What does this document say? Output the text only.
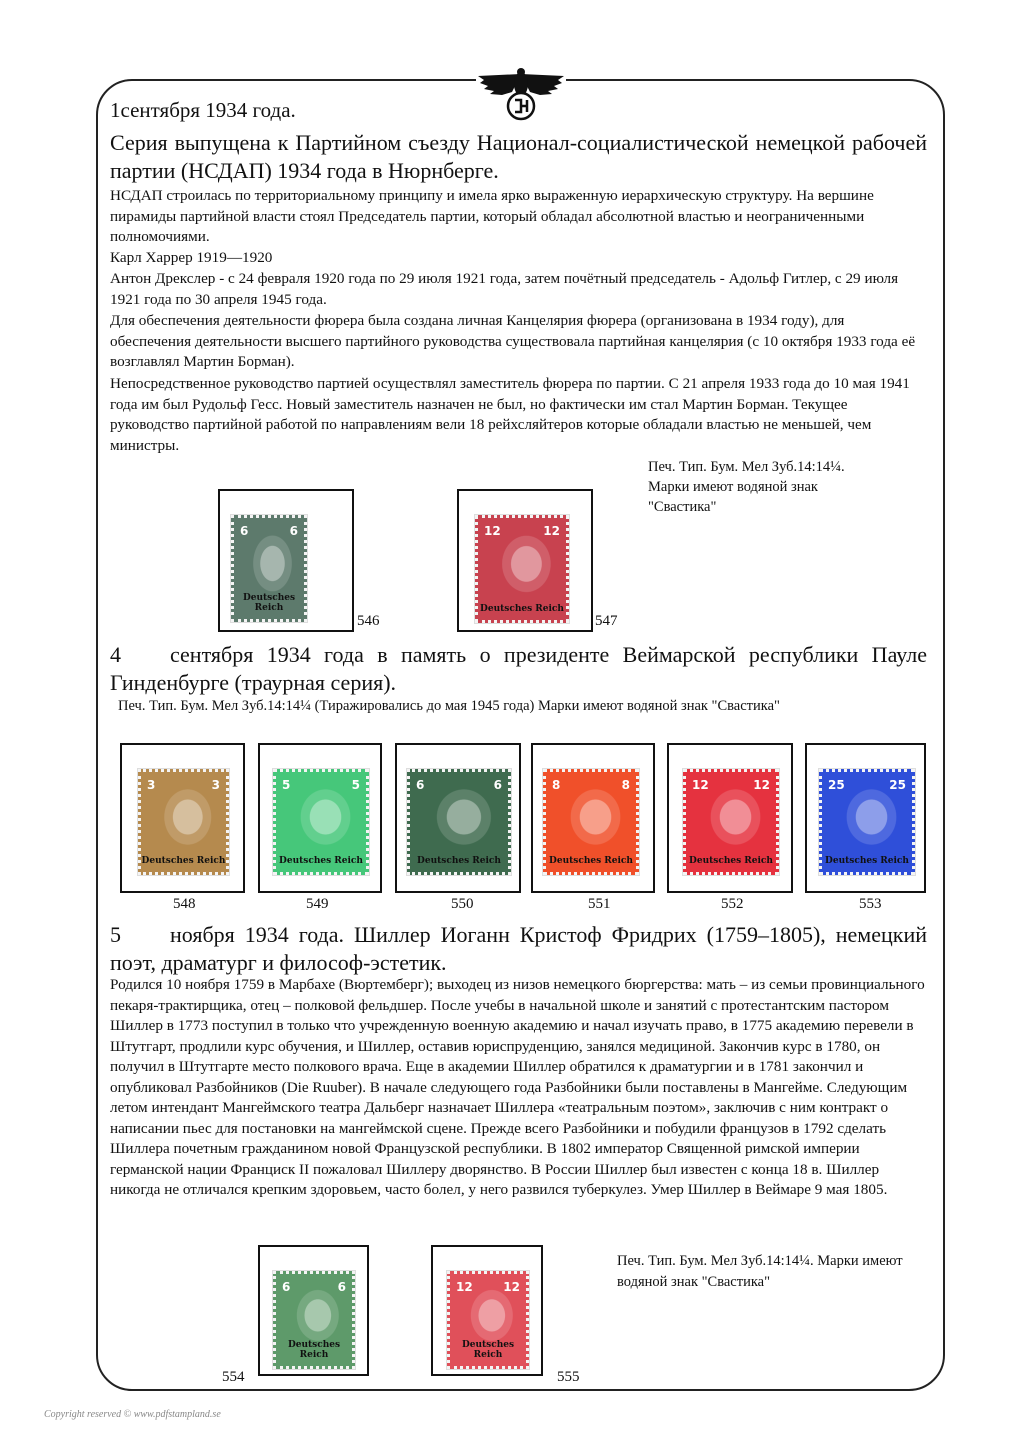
1сентября 1934 года.

Серия выпущена к Партийном съезду Национал-социалистической немецкой рабочей партии (НСДАП) 1934 года в Нюрнберге.

НСДАП строилась по территориальному принципу и имела ярко выраженную иерархическую структуру. На вершине пирамиды партийной власти стоял Председатель партии, который обладал абсолютной властью и неограниченными полномочиями.

Карл Харрер 1919—1920

Антон Дрекслер - с 24 февраля 1920 года по 29 июля 1921 года, затем почётный председатель - Адольф Гитлер, с 29 июля 1921 года по 30 апреля 1945 года.

Для обеспечения деятельности фюрера была создана личная Канцелярия фюрера (организована в 1934 году), для обеспечения деятельности высшего партийного руководства существовала партийная канцелярия (с 10 октября 1933 года её возглавлял Мартин Борман).

Непосредственное руководство партией осуществлял заместитель фюрера по партии. С 21 апреля 1933 года до 10 мая 1941 года им был Рудольф Гесс. Новый заместитель назначен не был, но фактически им стал Мартин Борман. Текущее руководство партийной работой по направлениям вели 18 рейхсляйтеров которые обладали властью не меньшей, чем министры.

Печ. Тип. Бум. Мел Зуб.14:14¼.
Марки имеют водяной знак
"Свастика"

Deutsches Reich
6	6
546
Deutsches Reich
12	12
547

4	сентября 1934 года в память о президенте Веймарской республики Пауле Гинденбурге (траурная серия).

Печ. Тип. Бум. Мел Зуб.14:14¼ (Тиражировались до мая 1945 года) Марки имеют водяной знак "Свастика"

Deutsches Reich
3	3
548
Deutsches Reich
5	5
549
Deutsches Reich
6	6
550
Deutsches Reich
8	8
551
Deutsches Reich
12	12
552
Deutsches Reich
25	25
553

5	ноября 1934 года. Шиллер Иоганн Кристоф Фридрих (1759–1805), немецкий поэт, драматург и философ-эстетик.

Родился 10 ноября 1759 в Марбахе (Вюртемберг); выходец из низов немецкого бюргерства: мать – из семьи провинциального пекаря-трактирщика, отец – полковой фельдшер. После учебы в начальной школе и занятий с протестантским пастором Шиллер в 1773 поступил в только что учрежденную военную академию и начал изучать право, в 1775 академию перевели в Штутгарт, продлили курс обучения, и Шиллер, оставив юриспруденцию, занялся медициной. Закончив курс в 1780, он получил в Штутгарте место полкового врача. Еще в академии Шиллер обратился к драматургии и в 1781 закончил и опубликовал Разбойников (Die Ruuber). В начале следующего года Разбойники были поставлены в Мангейме. Следующим летом интендант Мангеймского театра Дальберг назначает Шиллера «театральным поэтом», заключив с ним контракт о написании пьес для постановки на мангеймской сцене. Прежде всего Разбойники и побудили французов в 1792 сделать Шиллера почетным гражданином новой Французской республики. В 1802 император Священной римской империи германской нации Франциск II пожаловал Шиллеру дворянство. В России Шиллер был известен с конца 18 в. Шиллер никогда не отличался крепким здоровьем, часто болел, у него развился туберкулез. Умер Шиллер в Веймаре 9 мая 1805.

Печ. Тип. Бум. Мел Зуб.14:14¼. Марки имеют водяной знак "Свастика"

Deutsches Reich
6	6
554
Deutsches Reich
12	12
555

Copyright reserved © www.pdfstampland.se
